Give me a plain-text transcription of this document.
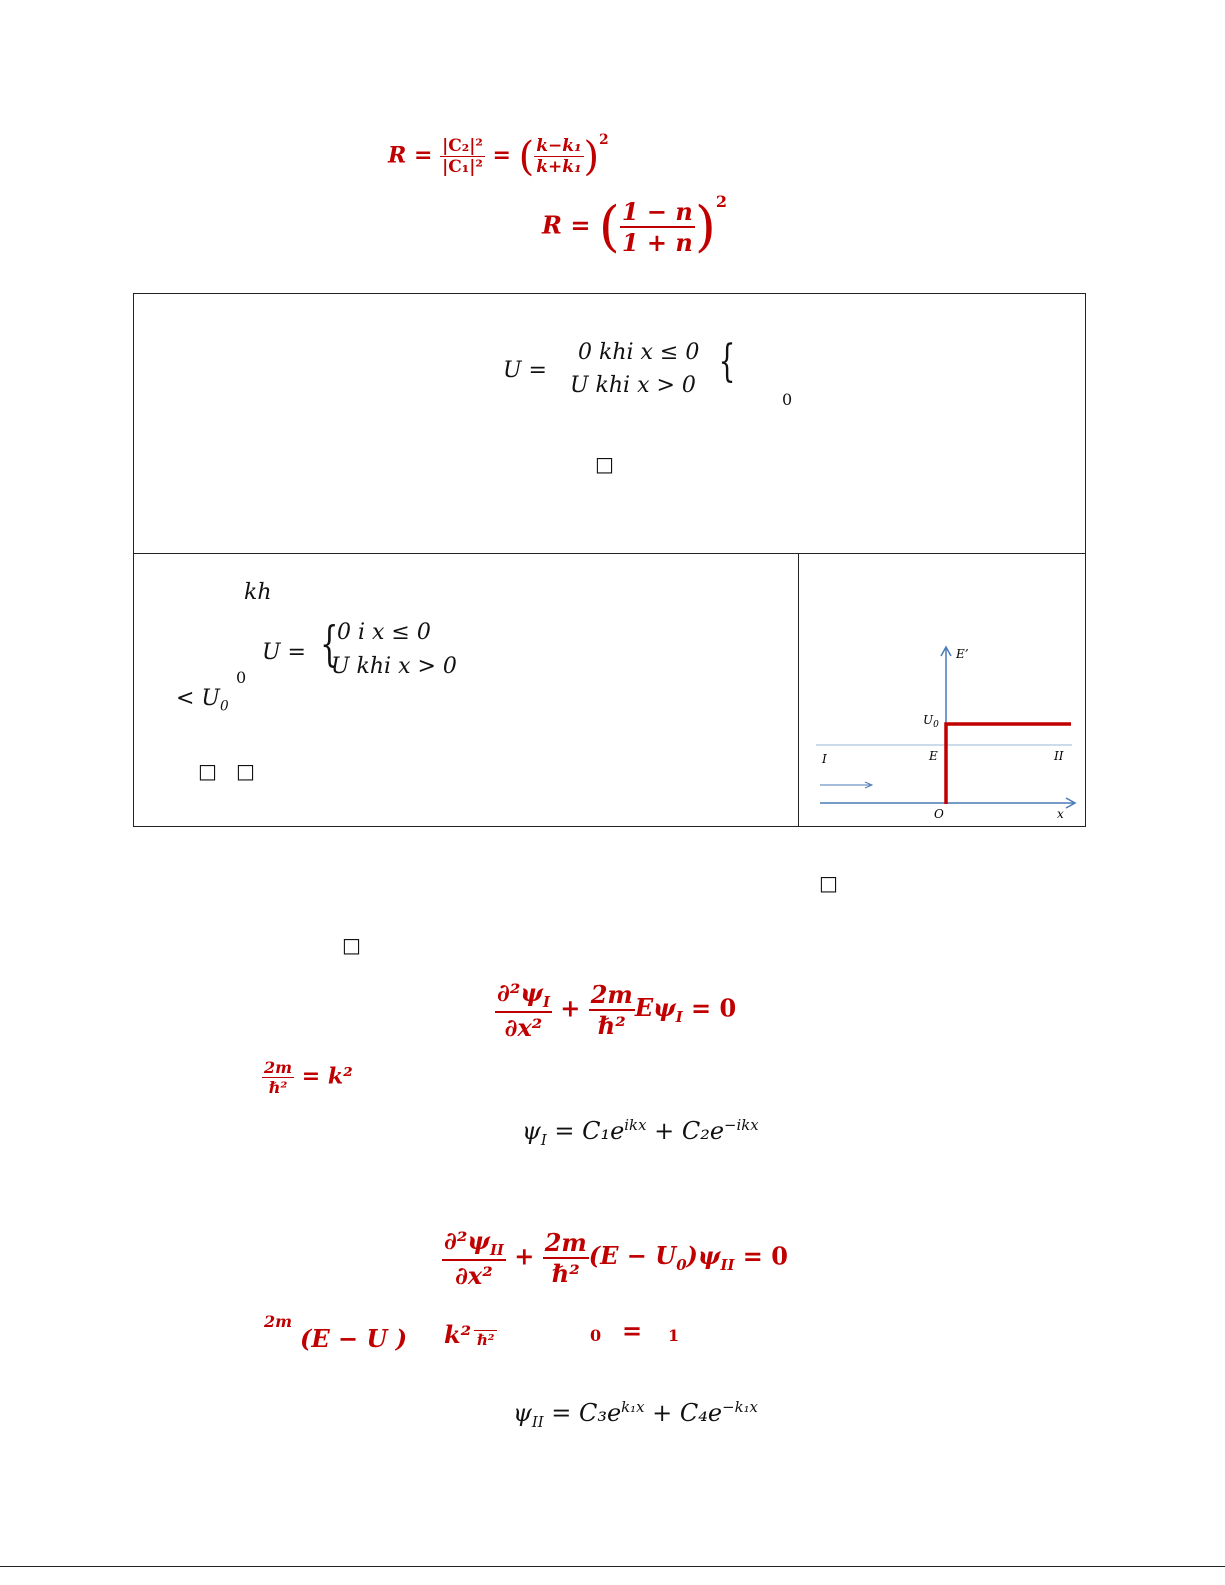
$R = \frac{\text{|C₂|²}}{\text{|C₁|²}}$ = ( $\frac{\text{k−k₁}}{\text{k+k₁}} )^2$
R = ( $\frac{1 - n}{1 + n} )^2$
U =
0 khi x ≤ 0
U khi x > 0 {
0
□
kh
U = {
0 i x ≤ 0
U khi x > 0
0
< $U_0$
□ □
E’
$U_0$
E
I	II
O	x
□
□
$\frac{\partial^2\psi_I}{\text{∂x²}} + \frac{2m}{\text{ℏ²}} E\psi_I = 0$
$\frac{2m}{\text{ℏ²}} = k^2$
$\psi_I = C_1e^{ikx} + C_2e^{-ikx}$
$\frac{\partial^2\psi_{II}}{\text{∂x²}} + \frac{2m}{\text{ℏ²}} (E - U_0)\psi_{II} = 0$
2m
(E − U ) k² ℏ²	0 = 1
$\psi_{II} = C_3e^{k_1x} + C_4e^{-k_1x}$
